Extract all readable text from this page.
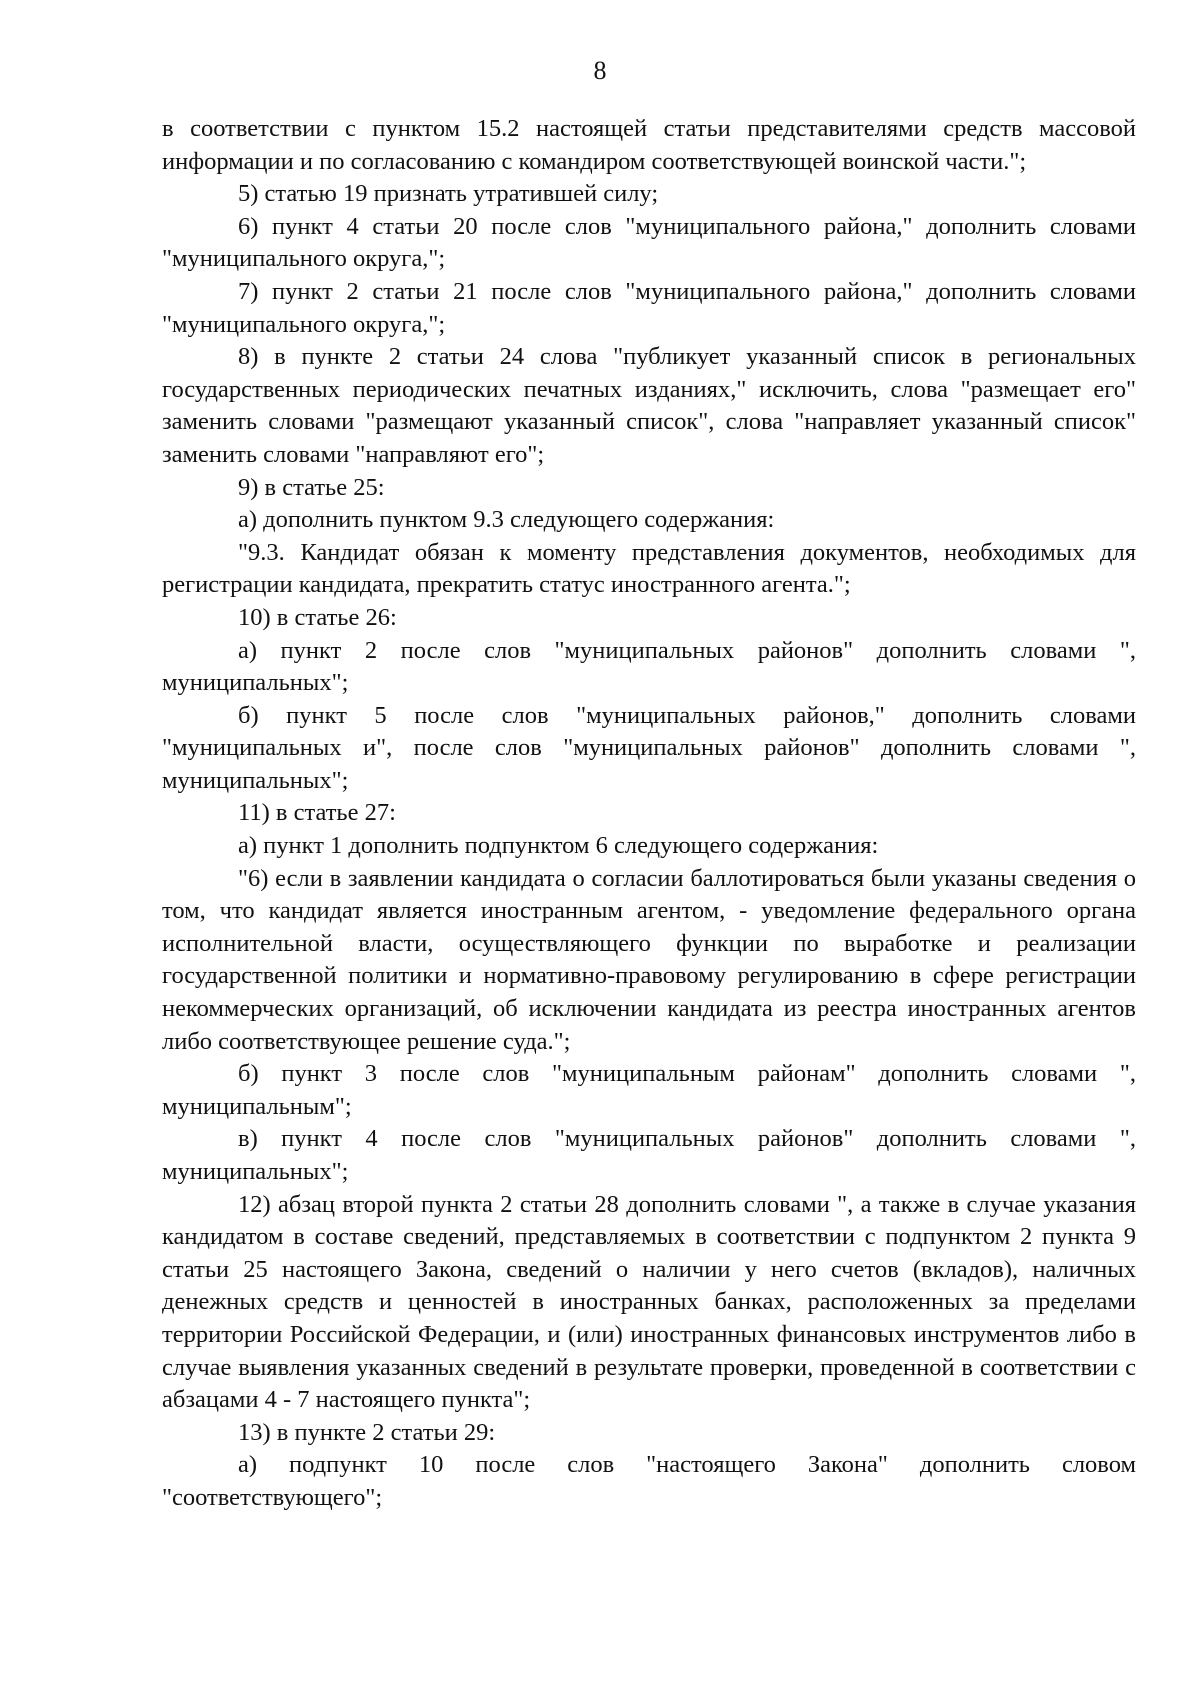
8

в соответствии с пунктом 15.2 настоящей статьи представителями средств массовой информации и по согласованию с командиром соответствующей воинской части.";

5) статью 19 признать утратившей силу;

6) пункт 4 статьи 20 после слов "муниципального района," дополнить словами "муниципального округа,";

7) пункт 2 статьи 21 после слов "муниципального района," дополнить словами "муниципального округа,";

8) в пункте 2 статьи 24 слова "публикует указанный список в региональных государственных периодических печатных изданиях," исключить, слова "размещает его" заменить словами "размещают указанный список", слова "направляет указанный список" заменить словами "направляют его";

9) в статье 25:

а) дополнить пунктом 9.3 следующего содержания:

"9.3. Кандидат обязан к моменту представления документов, необходимых для регистрации кандидата, прекратить статус иностранного агента.";

10) в статье 26:

а) пункт 2 после слов "муниципальных районов" дополнить словами ", муниципальных";

б) пункт 5 после слов "муниципальных районов," дополнить словами "муниципальных и", после слов "муниципальных районов" дополнить словами ", муниципальных";

11) в статье 27:

а) пункт 1 дополнить подпунктом 6 следующего содержания:

"6) если в заявлении кандидата о согласии баллотироваться были указаны сведения о том, что кандидат является иностранным агентом, - уведомление федерального органа исполнительной власти, осуществляющего функции по выработке и реализации государственной политики и нормативно-правовому регулированию в сфере регистрации некоммерческих организаций, об исключении кандидата из реестра иностранных агентов либо соответствующее решение суда.";

б) пункт 3 после слов "муниципальным районам" дополнить словами ", муниципальным";

в) пункт 4 после слов "муниципальных районов" дополнить словами ", муниципальных";

12) абзац второй пункта 2 статьи 28 дополнить словами ", а также в случае указания кандидатом в составе сведений, представляемых в соответствии с подпунктом 2 пункта 9 статьи 25 настоящего Закона, сведений о наличии у него счетов (вкладов), наличных денежных средств и ценностей в иностранных банках, расположенных за пределами территории Российской Федерации, и (или) иностранных финансовых инструментов либо в случае выявления указанных сведений в результате проверки, проведенной в соответствии с абзацами 4 - 7 настоящего пункта";

13) в пункте 2 статьи 29:

а) подпункт 10 после слов "настоящего Закона" дополнить словом "соответствующего";
